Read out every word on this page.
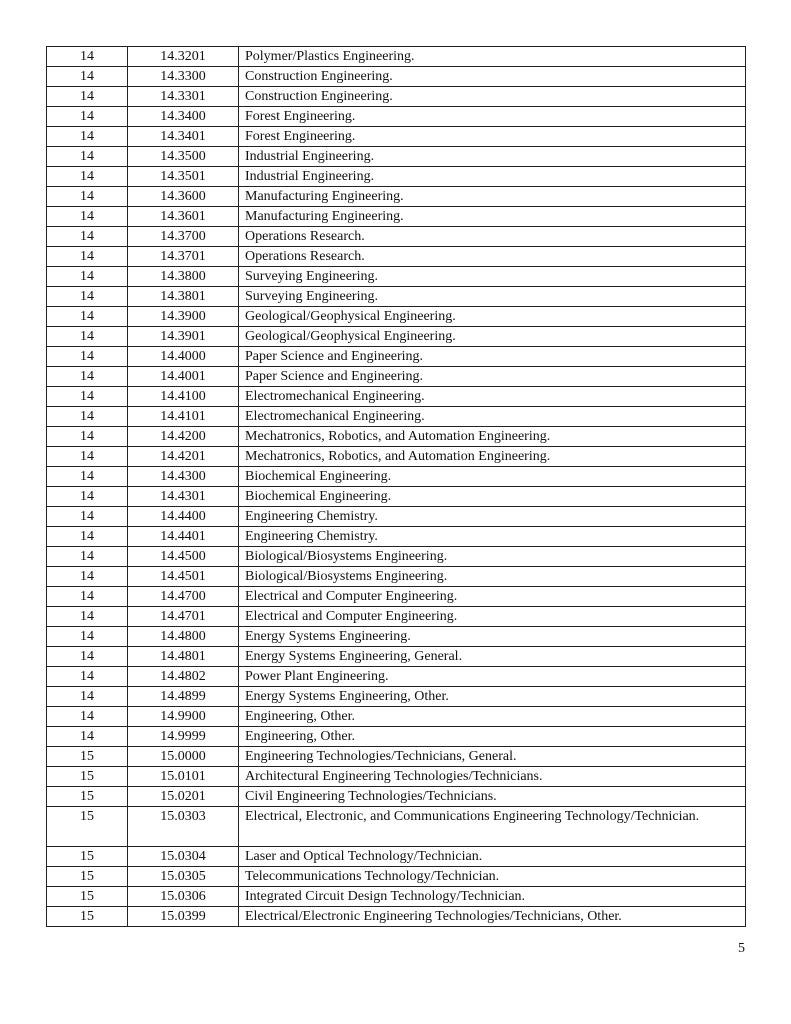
14	14.3201	Polymer/Plastics Engineering.
14	14.3300	Construction Engineering.
14	14.3301	Construction Engineering.
14	14.3400	Forest Engineering.
14	14.3401	Forest Engineering.
14	14.3500	Industrial Engineering.
14	14.3501	Industrial Engineering.
14	14.3600	Manufacturing Engineering.
14	14.3601	Manufacturing Engineering.
14	14.3700	Operations Research.
14	14.3701	Operations Research.
14	14.3800	Surveying Engineering.
14	14.3801	Surveying Engineering.
14	14.3900	Geological/Geophysical Engineering.
14	14.3901	Geological/Geophysical Engineering.
14	14.4000	Paper Science and Engineering.
14	14.4001	Paper Science and Engineering.
14	14.4100	Electromechanical Engineering.
14	14.4101	Electromechanical Engineering.
14	14.4200	Mechatronics, Robotics, and Automation Engineering.
14	14.4201	Mechatronics, Robotics, and Automation Engineering.
14	14.4300	Biochemical Engineering.
14	14.4301	Biochemical Engineering.
14	14.4400	Engineering Chemistry.
14	14.4401	Engineering Chemistry.
14	14.4500	Biological/Biosystems Engineering.
14	14.4501	Biological/Biosystems Engineering.
14	14.4700	Electrical and Computer Engineering.
14	14.4701	Electrical and Computer Engineering.
14	14.4800	Energy Systems Engineering.
14	14.4801	Energy Systems Engineering, General.
14	14.4802	Power Plant Engineering.
14	14.4899	Energy Systems Engineering, Other.
14	14.9900	Engineering, Other.
14	14.9999	Engineering, Other.
15	15.0000	Engineering Technologies/Technicians, General.
15	15.0101	Architectural Engineering Technologies/Technicians.
15	15.0201	Civil Engineering Technologies/Technicians.
15	15.0303	Electrical, Electronic, and Communications Engineering Technology/Technician.
15	15.0304	Laser and Optical Technology/Technician.
15	15.0305	Telecommunications Technology/Technician.
15	15.0306	Integrated Circuit Design Technology/Technician.
15	15.0399	Electrical/Electronic Engineering Technologies/Technicians, Other.
5
